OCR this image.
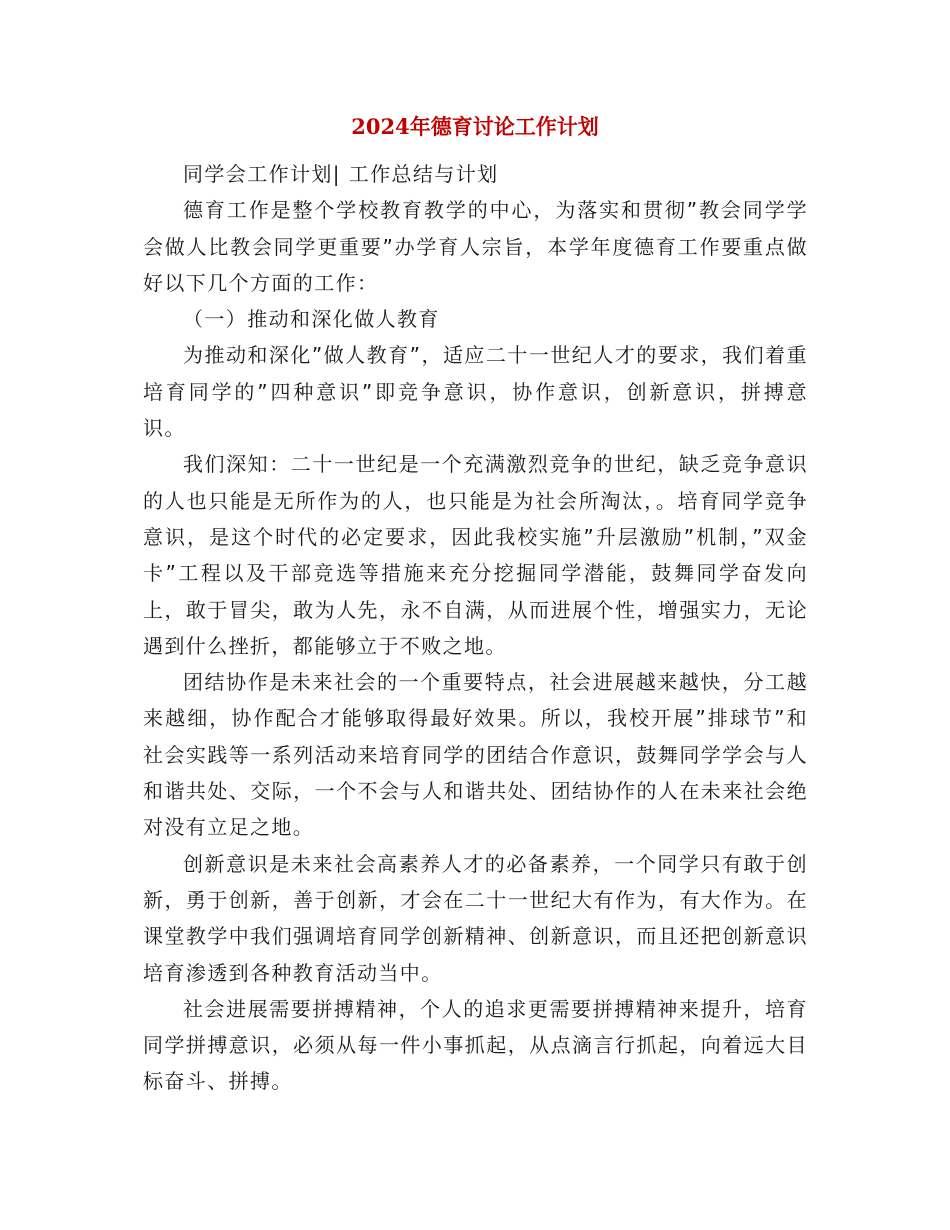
2024年德育讨论工作计划

同学会工作计划| 工作总结与计划

德育工作是整个学校教育教学的中心，为落实和贯彻”教会同学学会做人比教会同学更重要”办学育人宗旨，本学年度德育工作要重点做好以下几个方面的工作：

（一）推动和深化做人教育

为推动和深化”做人教育”，适应二十一世纪人才的要求，我们着重培育同学的”四种意识”即竞争意识，协作意识，创新意识，拼搏意识。

我们深知：二十一世纪是一个充满激烈竞争的世纪，缺乏竞争意识的人也只能是无所作为的人，也只能是为社会所淘汰，。培育同学竞争意识，是这个时代的必定要求，因此我校实施”升层激励”机制，”双金卡”工程以及干部竞选等措施来充分挖掘同学潜能，鼓舞同学奋发向上，敢于冒尖，敢为人先，永不自满，从而进展个性，增强实力，无论遇到什么挫折，都能够立于不败之地。

团结协作是未来社会的一个重要特点，社会进展越来越快，分工越来越细，协作配合才能够取得最好效果。所以，我校开展”排球节”和社会实践等一系列活动来培育同学的团结合作意识，鼓舞同学学会与人和谐共处、交际，一个不会与人和谐共处、团结协作的人在未来社会绝对没有立足之地。

创新意识是未来社会高素养人才的必备素养，一个同学只有敢于创新，勇于创新，善于创新，才会在二十一世纪大有作为，有大作为。在课堂教学中我们强调培育同学创新精神、创新意识，而且还把创新意识培育渗透到各种教育活动当中。

社会进展需要拼搏精神，个人的追求更需要拼搏精神来提升，培育同学拼搏意识，必须从每一件小事抓起，从点滴言行抓起，向着远大目标奋斗、拼搏。
